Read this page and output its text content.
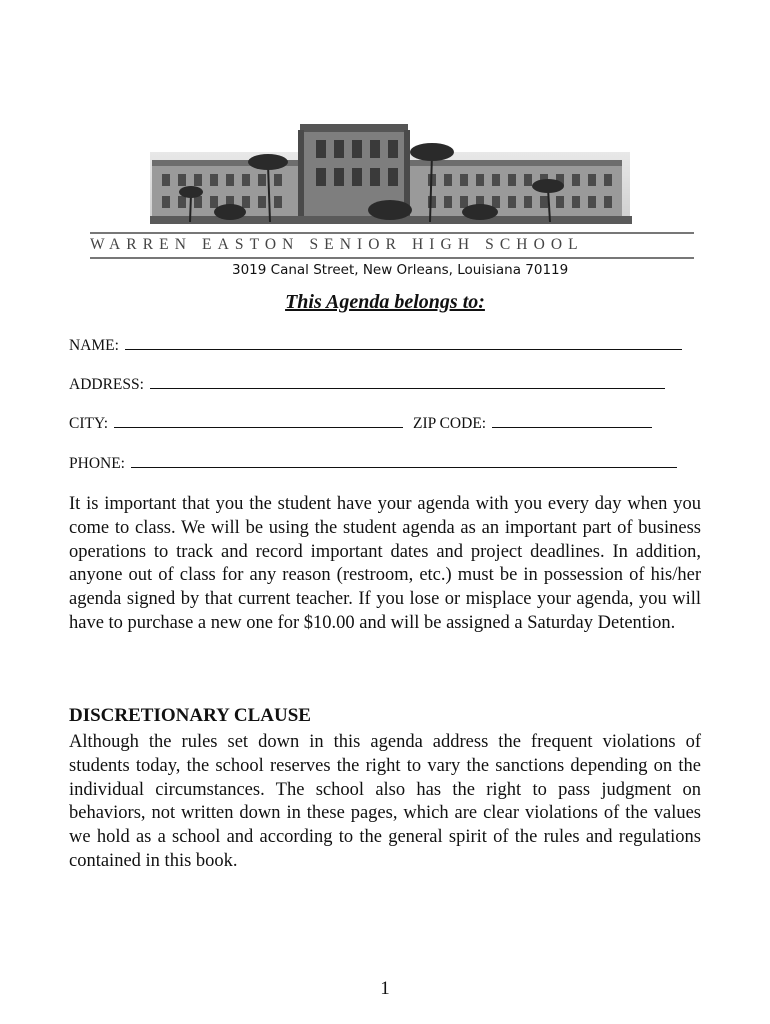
WARREN EASTON SENIOR HIGH SCHOOL
3019 Canal Street, New Orleans, Louisiana 70119
This Agenda belongs to:
NAME:
ADDRESS:
CITY:	ZIP CODE:
PHONE:
It is important that you the student have your agenda with you every day when you come to class. We will be using the student agenda as an important part of business operations to track and record important dates and project deadlines. In addition, anyone out of class for any reason (restroom, etc.) must be in possession of his/her agenda signed by that current teacher. If you lose or misplace your agenda, you will have to purchase a new one for $10.00 and will be assigned a Saturday Detention.
DISCRETIONARY CLAUSE
Although the rules set down in this agenda address the frequent violations of students today, the school reserves the right to vary the sanctions depending on the individual circumstances. The school also has the right to pass judgment on behaviors, not written down in these pages, which are clear violations of the values we hold as a school and according to the general spirit of the rules and regulations contained in this book.
1
